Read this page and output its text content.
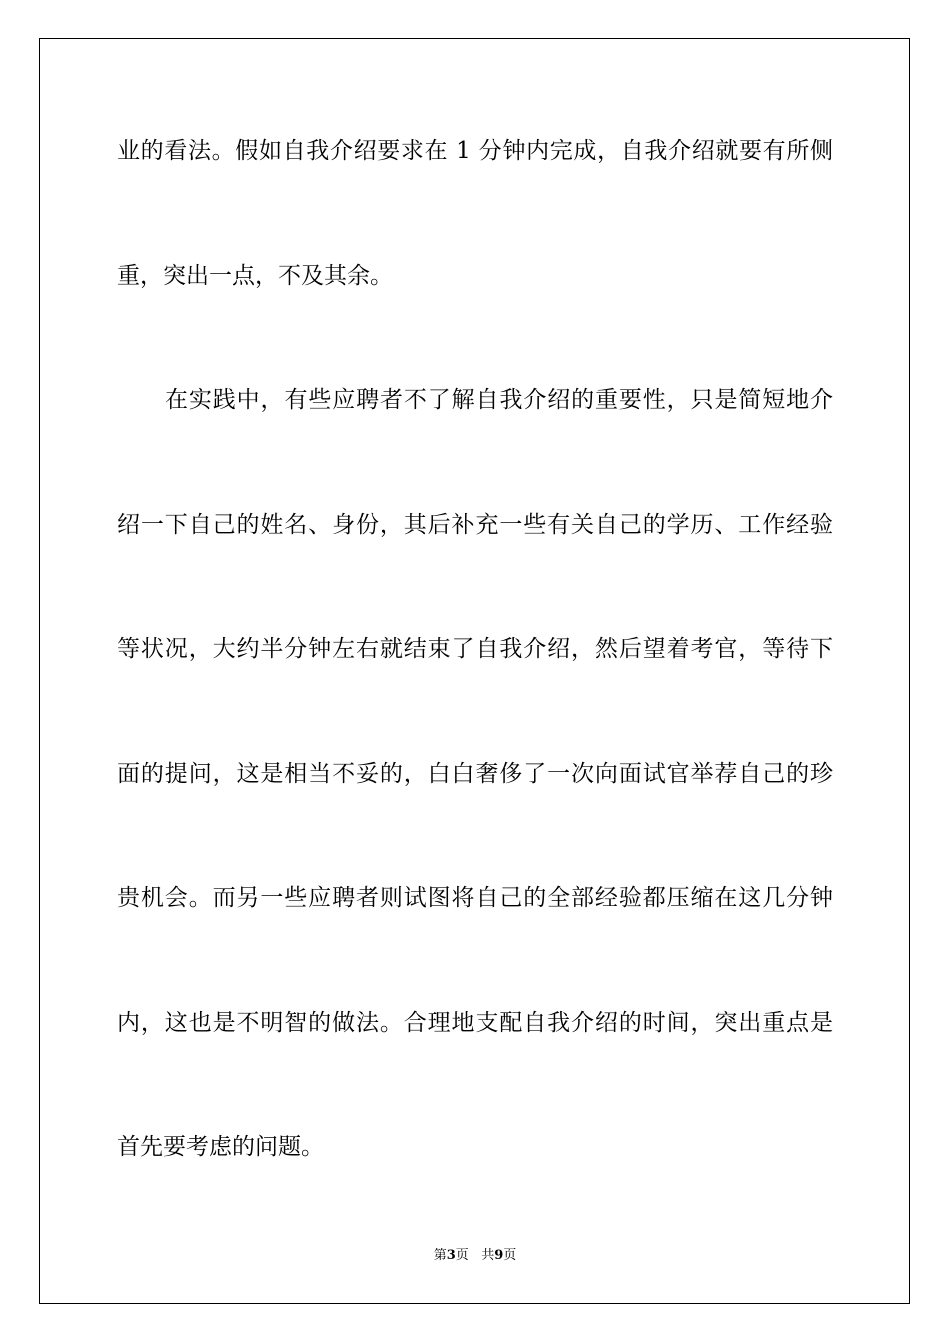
业的看法。假如自我介绍要求在 1 分钟内完成，自我介绍就要有所侧
重，突出一点，不及其余。
在实践中，有些应聘者不了解自我介绍的重要性，只是简短地介
绍一下自己的姓名、身份，其后补充一些有关自己的学历、工作经验
等状况，大约半分钟左右就结束了自我介绍，然后望着考官，等待下
面的提问，这是相当不妥的，白白奢侈了一次向面试官举荐自己的珍
贵机会。而另一些应聘者则试图将自己的全部经验都压缩在这几分钟
内，这也是不明智的做法。合理地支配自我介绍的时间，突出重点是
首先要考虑的问题。
第3页 共9页
